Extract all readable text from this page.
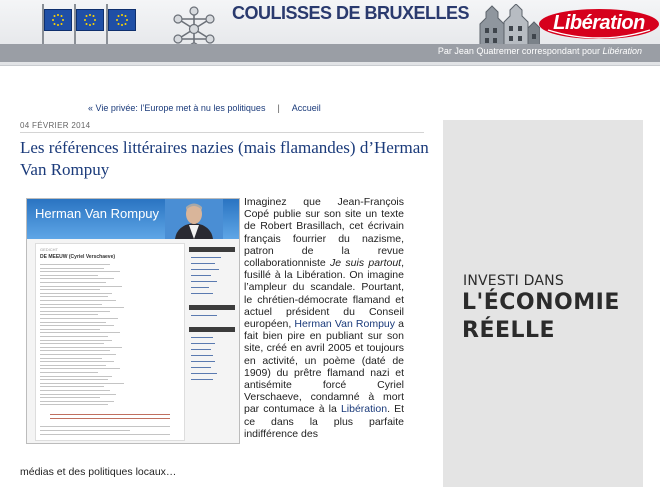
COULISSES DE BRUXELLES	Libération
Par Jean Quatremer correspondant pour Libération
« Vie privée: l’Europe met à nu les politiques | Accueil
04 FÉVRIER 2014
Les références littéraires nazies (mais flamandes) d’Herman Van Rompuy
Herman Van Rompuy
GEDICHT
DE MEEUW (Cyriel Verschaeve)
Imaginez que Jean-François Copé publie sur son site un texte de Robert Brasillach, cet écrivain français fourrier du nazisme, patron de la revue collaborationniste Je suis partout, fusillé à la Libération. On imagine l’ampleur du scandale. Pourtant, le chrétien-démocrate flamand et actuel président du Conseil européen, Herman Van Rompuy a fait bien pire en publiant sur son site, créé en avril 2005 et toujours en activité, un poème (daté de 1909) du prêtre flamand nazi et antisémite forcé Cyriel Verschaeve, condamné à mort par contumace à la Libération. Et ce dans la plus parfaite indifférence des
médias et des politiques locaux…
INVESTI DANS
L'ÉCONOMIE
RÉELLE
